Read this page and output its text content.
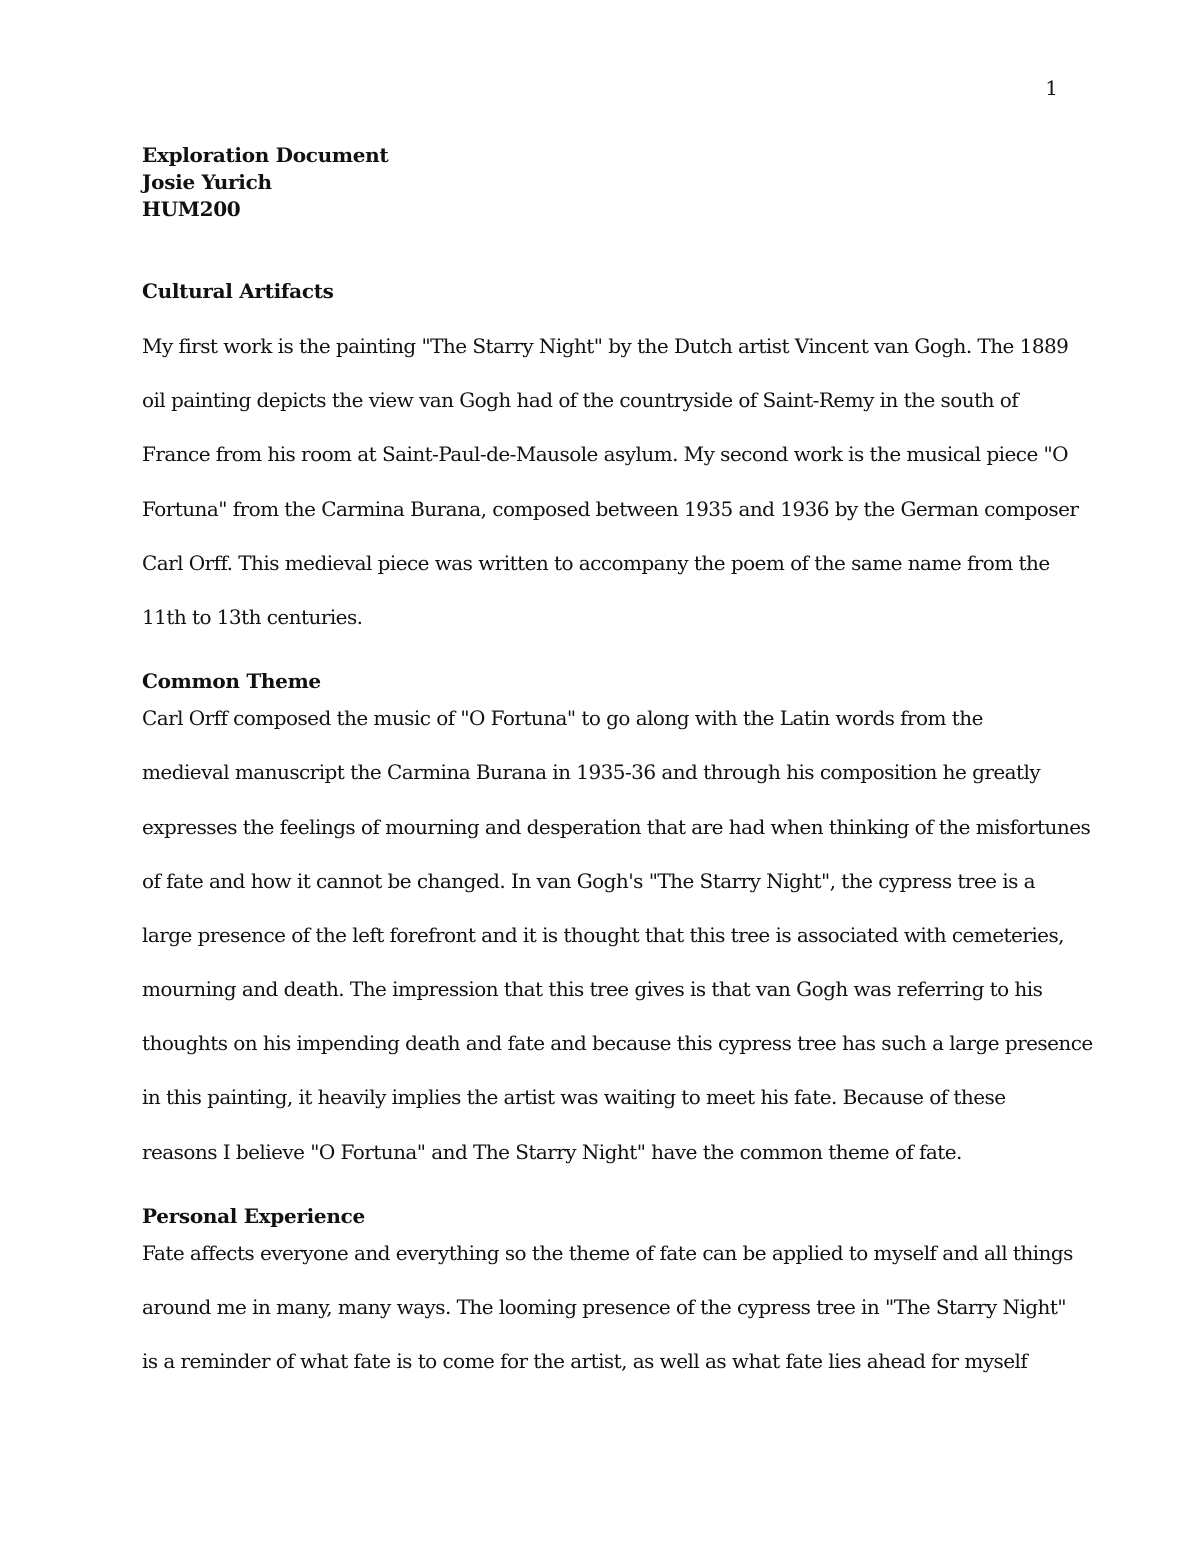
1
Exploration Document
Josie Yurich
HUM200
Cultural Artifacts

My first work is the painting "The Starry Night" by the Dutch artist Vincent van Gogh. The 1889
oil painting depicts the view van Gogh had of the countryside of Saint-Remy in the south of
France from his room at Saint-Paul-de-Mausole asylum. My second work is the musical piece "O
Fortuna" from the Carmina Burana, composed between 1935 and 1936 by the German composer
Carl Orff. This medieval piece was written to accompany the poem of the same name from the
11th to 13th centuries.

Common Theme

Carl Orff composed the music of "O Fortuna" to go along with the Latin words from the
medieval manuscript the Carmina Burana in 1935-36 and through his composition he greatly
expresses the feelings of mourning and desperation that are had when thinking of the misfortunes
of fate and how it cannot be changed. In van Gogh's "The Starry Night", the cypress tree is a
large presence of the left forefront and it is thought that this tree is associated with cemeteries,
mourning and death. The impression that this tree gives is that van Gogh was referring to his
thoughts on his impending death and fate and because this cypress tree has such a large presence
in this painting, it heavily implies the artist was waiting to meet his fate. Because of these
reasons I believe "O Fortuna" and The Starry Night" have the common theme of fate.

Personal Experience

Fate affects everyone and everything so the theme of fate can be applied to myself and all things
around me in many, many ways. The looming presence of the cypress tree in "The Starry Night"
is a reminder of what fate is to come for the artist, as well as what fate lies ahead for myself
